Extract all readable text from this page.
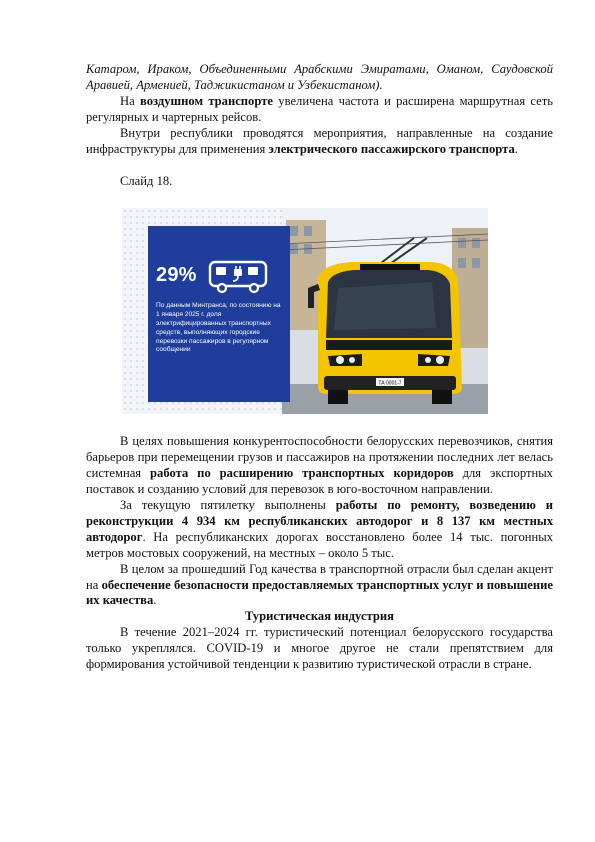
Катаром, Ираком, Объединенными Арабскими Эмиратами, Оманом, Саудовской Аравией, Арменией, Таджикистаном и Узбекистаном).

На воздушном транспорте увеличена частота и расширена маршрутная сеть регулярных и чартерных рейсов.

Внутри республики проводятся мероприятия, направленные на создание инфраструктуры для применения электрического пассажирского транспорта.

Слайд 18.

ТА 0001-7
29%
По данным Минтранса, по состоянию на 1 января 2025 г. доля электрифицированных транспортных средств, выполняющих городские перевозки пассажиров в регулярном сообщении

В целях повышения конкурентоспособности белорусских перевозчиков, снятия барьеров при перемещении грузов и пассажиров на протяжении последних лет велась системная работа по расширению транспортных коридоров для экспортных поставок и созданию условий для перевозок в юго-восточном направлении.

За текущую пятилетку выполнены работы по ремонту, возведению и реконструкции 4 934 км республиканских автодорог и 8 137 км местных автодорог. На республиканских дорогах восстановлено более 14 тыс. погонных метров мостовых сооружений, на местных – около 5 тыс.

В целом за прошедший Год качества в транспортной отрасли был сделан акцент на обеспечение безопасности предоставляемых транспортных услуг и повышение их качества.

Туристическая индустрия

В течение 2021–2024 гг. туристический потенциал белорусского государства только укреплялся. COVID-19 и многое другое не стали препятствием для формирования устойчивой тенденции к развитию туристической отрасли в стране.
